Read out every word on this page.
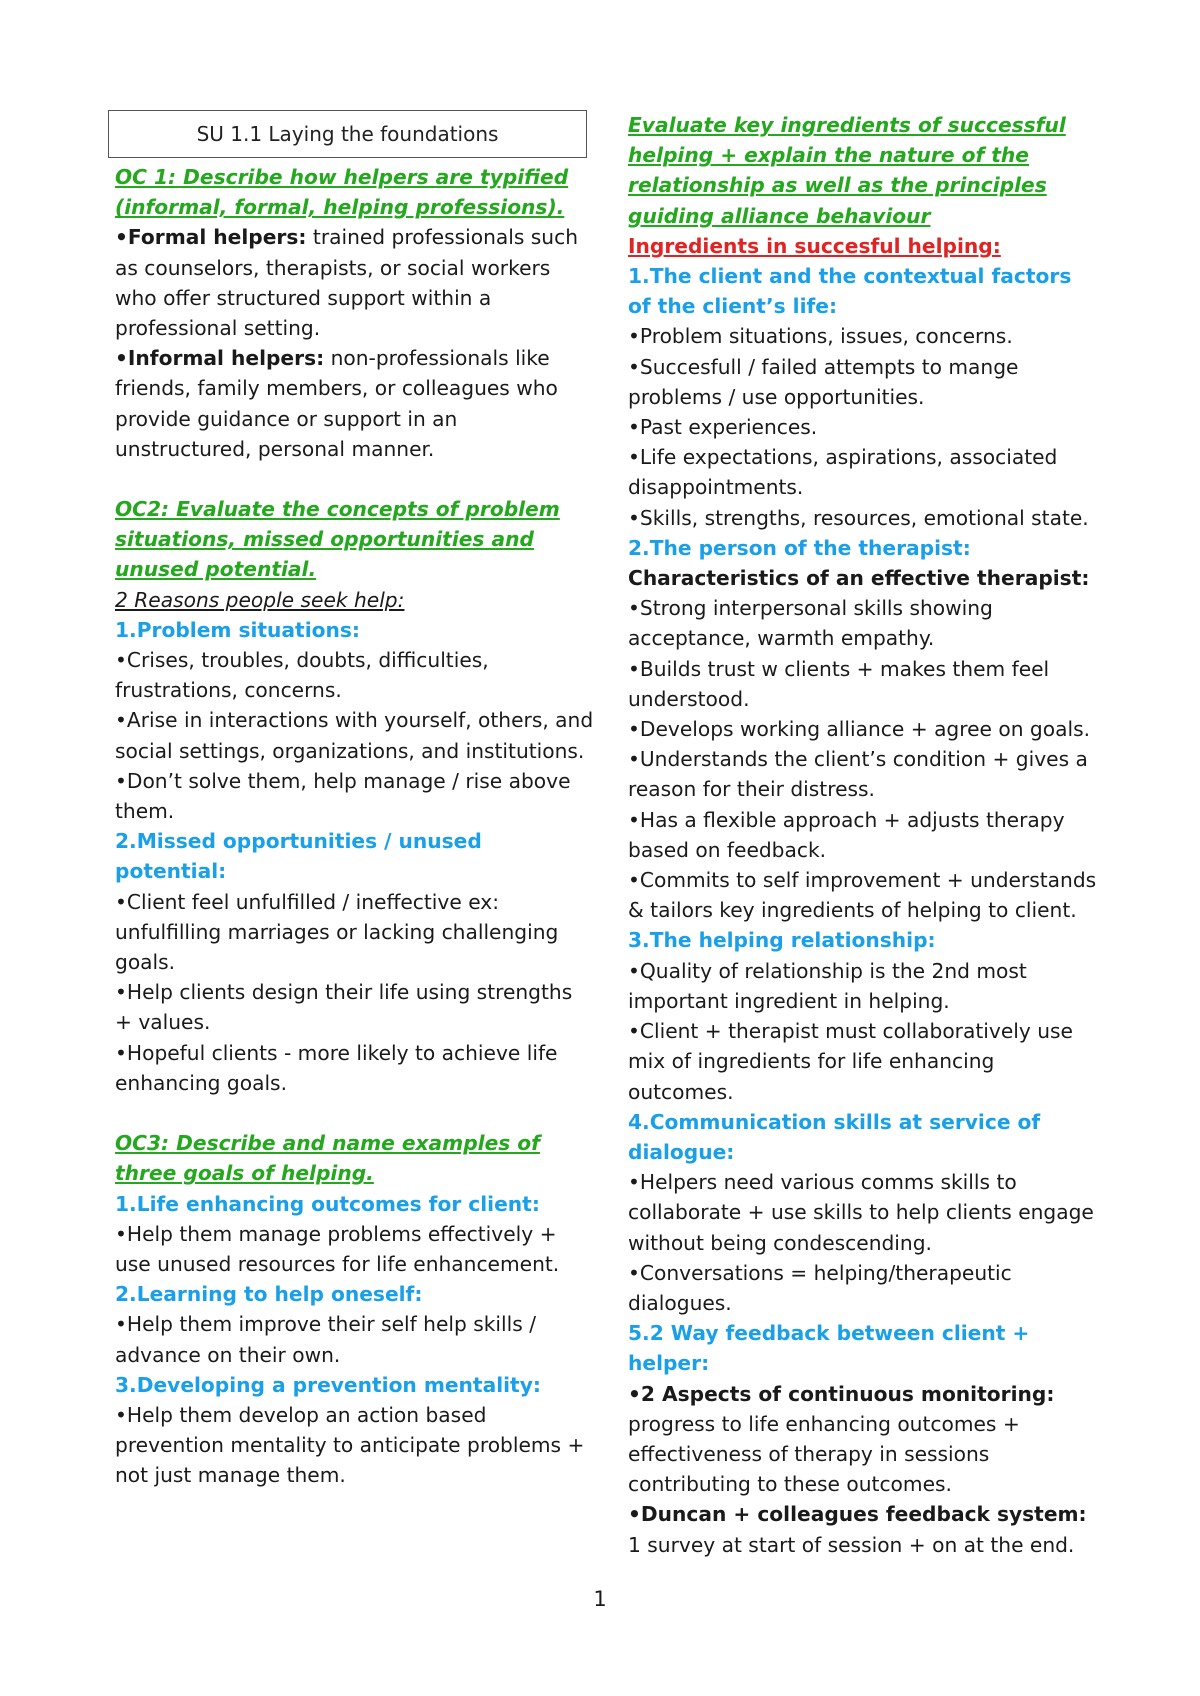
SU 1.1 Laying the foundations

OC 1: Describe how helpers are typified (informal, formal, helping professions).

•Formal helpers: trained professionals such as counselors, therapists, or social workers who offer structured support within a professional setting.

•Informal helpers: non-professionals like friends, family members, or colleagues who provide guidance or support in an unstructured, personal manner.

OC2: Evaluate the concepts of problem situations, missed opportunities and unused potential.

2 Reasons people seek help:

1.Problem situations:

•Crises, troubles, doubts, difficulties, frustrations, concerns.

•Arise in interactions with yourself, others, and social settings, organizations, and institutions.

•Don’t solve them, help manage / rise above them.

2.Missed opportunities / unused potential:

•Client feel unfulfilled / ineffective ex: unfulfilling marriages or lacking challenging goals.

•Help clients design their life using strengths + values.

•Hopeful clients - more likely to achieve life enhancing goals.

OC3: Describe and name examples of three goals of helping.

1.Life enhancing outcomes for client:

•Help them manage problems effectively + use unused resources for life enhancement.

2.Learning to help oneself:

•Help them improve their self help skills / advance on their own.

3.Developing a prevention mentality:

•Help them develop an action based prevention mentality to anticipate problems + not just manage them.

Evaluate key ingredients of successful helping + explain the nature of the relationship as well as the principles guiding alliance behaviour

Ingredients in succesful helping:

1.The client and the contextual factors of the client’s life:

•Problem situations, issues, concerns.

•Succesfull / failed attempts to mange problems / use opportunities.

•Past experiences.

•Life expectations, aspirations, associated disappointments.

•Skills, strengths, resources, emotional state.

2.The person of the therapist:

Characteristics of an effective therapist:

•Strong interpersonal skills showing acceptance, warmth empathy.

•Builds trust w clients + makes them feel understood.

•Develops working alliance + agree on goals.

•Understands the client’s condition + gives a reason for their distress.

•Has a flexible approach + adjusts therapy based on feedback.

•Commits to self improvement + understands & tailors key ingredients of helping to client.

3.The helping relationship:

•Quality of relationship is the 2nd most important ingredient in helping.

•Client + therapist must collaboratively use mix of ingredients for life enhancing outcomes.

4.Communication skills at service of dialogue:

•Helpers need various comms skills to collaborate + use skills to help clients engage without being condescending.

•Conversations = helping/therapeutic dialogues.

5.2 Way feedback between client + helper:

•2 Aspects of continuous monitoring: progress to life enhancing outcomes + effectiveness of therapy in sessions contributing to these outcomes.

•Duncan + colleagues feedback system: 1 survey at start of session + on at the end.

1
